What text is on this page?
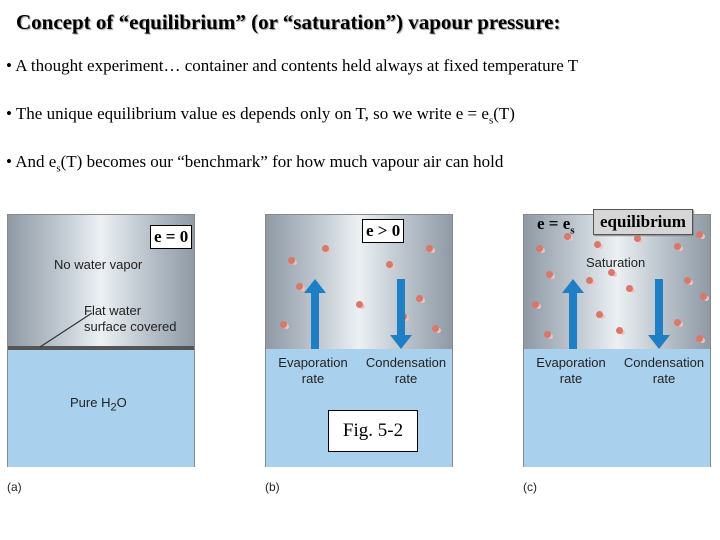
Concept of “equilibrium” (or “saturation”) vapour pressure:
• A thought experiment… container and contents held always at fixed temperature T
• The unique equilibrium value es depends only on T, so we write $e = e_s(T)$
• And $e_s(T)$ becomes our “benchmark” for how much vapour air can hold
No water vapor
Flat water
surface covered
Pure $H_2O$
e = 0
Evaporation
rate
Condensation
rate
e > 0
Fig. 5-2
Saturation
Evaporation
rate
Condensation
rate
$e = e_s$	equilibrium
(a)	(b)	(c)
